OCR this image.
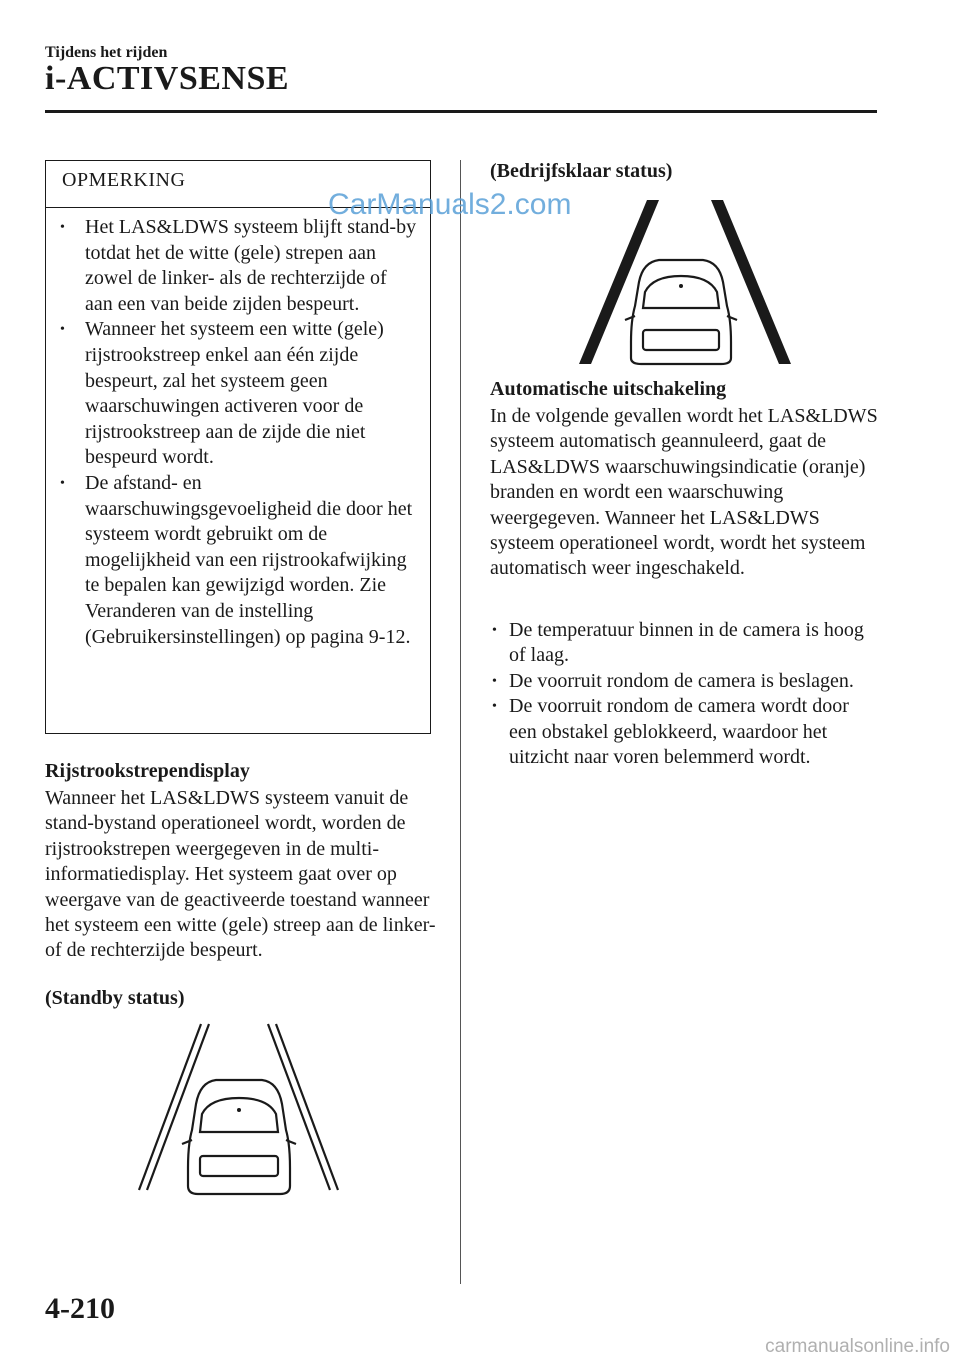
Tijdens het rijden
i-ACTIVSENSE
OPMERKING
• Het LAS&LDWS systeem blijft stand-by totdat het de witte (gele) strepen aan zowel de linker- als de rechterzijde of aan een van beide zijden bespeurt.
• Wanneer het systeem een witte (gele) rijstrookstreep enkel aan één zijde bespeurt, zal het systeem geen waarschuwingen activeren voor de rijstrookstreep aan de zijde die niet bespeurd wordt.
• De afstand- en waarschuwingsgevoeligheid die door het systeem wordt gebruikt om de mogelijkheid van een rijstrookafwijking te bepalen kan gewijzigd worden. Zie Veranderen van de instelling (Gebruikersinstellingen) op pagina 9-12.
CarManuals2.com
Rijstrookstrependisplay
Wanneer het LAS&LDWS systeem vanuit de stand-bystand operationeel wordt, worden de rijstrookstrepen weergegeven in de multi-informatiedisplay. Het systeem gaat over op weergave van de geactiveerde toestand wanneer het systeem een witte (gele) streep aan de linker- of de rechterzijde bespeurt.
(Standby status)
(Bedrijfsklaar status)
Automatische uitschakeling
In de volgende gevallen wordt het LAS&LDWS systeem automatisch geannuleerd, gaat de LAS&LDWS waarschuwingsindicatie (oranje) branden en wordt een waarschuwing weergegeven. Wanneer het LAS&LDWS systeem operationeel wordt, wordt het systeem automatisch weer ingeschakeld.
• De temperatuur binnen in de camera is hoog of laag.
• De voorruit rondom de camera is beslagen.
• De voorruit rondom de camera wordt door een obstakel geblokkeerd, waardoor het uitzicht naar voren belemmerd wordt.
4-210
carmanualsonline.info
